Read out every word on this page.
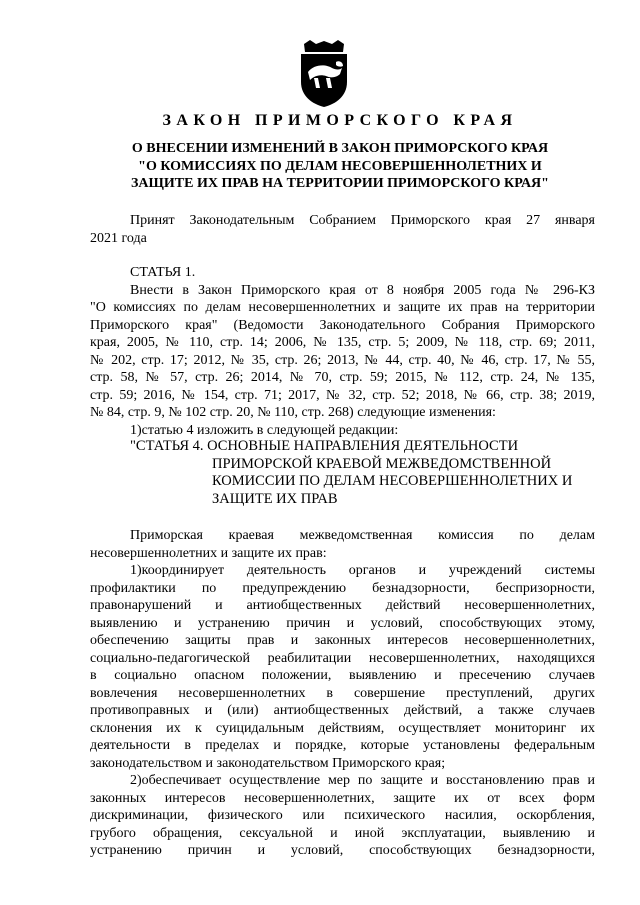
ЗАКОН ПРИМОРСКОГО КРАЯ

О ВНЕСЕНИИ ИЗМЕНЕНИЙ В ЗАКОН ПРИМОРСКОГО КРАЯ
"О КОМИССИЯХ ПО ДЕЛАМ НЕСОВЕРШЕННОЛЕТНИХ И
ЗАЩИТЕ ИХ ПРАВ НА ТЕРРИТОРИИ ПРИМОРСКОГО КРАЯ"
Принят Законодательным Собранием Приморского края 27 января
2021 года
СТАТЬЯ 1.
Внести в Закон Приморского края от 8 ноября 2005 года № 296-КЗ
"О комиссиях по делам несовершеннолетних и защите их прав на территории
Приморского края" (Ведомости Законодательного Собрания Приморского
края, 2005, № 110, стр. 14; 2006, № 135, стр. 5; 2009, № 118, стр. 69; 2011,
№ 202, стр. 17; 2012, № 35, стр. 26; 2013, № 44, стр. 40, № 46, стр. 17, № 55,
стр. 58, № 57, стр. 26; 2014, № 70, стр. 59; 2015, № 112, стр. 24, № 135,
стр. 59; 2016, № 154, стр. 71; 2017, № 32, стр. 52; 2018, № 66, стр. 38; 2019,
№ 84, стр. 9, № 102 стр. 20, № 110, стр. 268) следующие изменения:
1)статью 4 изложить в следующей редакции:
"СТАТЬЯ 4. ОСНОВНЫЕ НАПРАВЛЕНИЯ ДЕЯТЕЛЬНОСТИ
ПРИМОРСКОЙ КРАЕВОЙ МЕЖВЕДОМСТВЕННОЙ
КОМИССИИ ПО ДЕЛАМ НЕСОВЕРШЕННОЛЕТНИХ И
ЗАЩИТЕ ИХ ПРАВ
Приморская краевая межведомственная комиссия по делам
несовершеннолетних и защите их прав:
1)координирует деятельность органов и учреждений системы
профилактики по предупреждению безнадзорности, беспризорности,
правонарушений и антиобщественных действий несовершеннолетних,
выявлению и устранению причин и условий, способствующих этому,
обеспечению защиты прав и законных интересов несовершеннолетних,
социально-педагогической реабилитации несовершеннолетних, находящихся
в социально опасном положении, выявлению и пресечению случаев
вовлечения несовершеннолетних в совершение преступлений, других
противоправных и (или) антиобщественных действий, а также случаев
склонения их к суицидальным действиям, осуществляет мониторинг их
деятельности в пределах и порядке, которые установлены федеральным
законодательством и законодательством Приморского края;
2)обеспечивает осуществление мер по защите и восстановлению прав и
законных интересов несовершеннолетних, защите их от всех форм
дискриминации, физического или психического насилия, оскорбления,
грубого обращения, сексуальной и иной эксплуатации, выявлению и
устранению причин и условий, способствующих безнадзорности,
